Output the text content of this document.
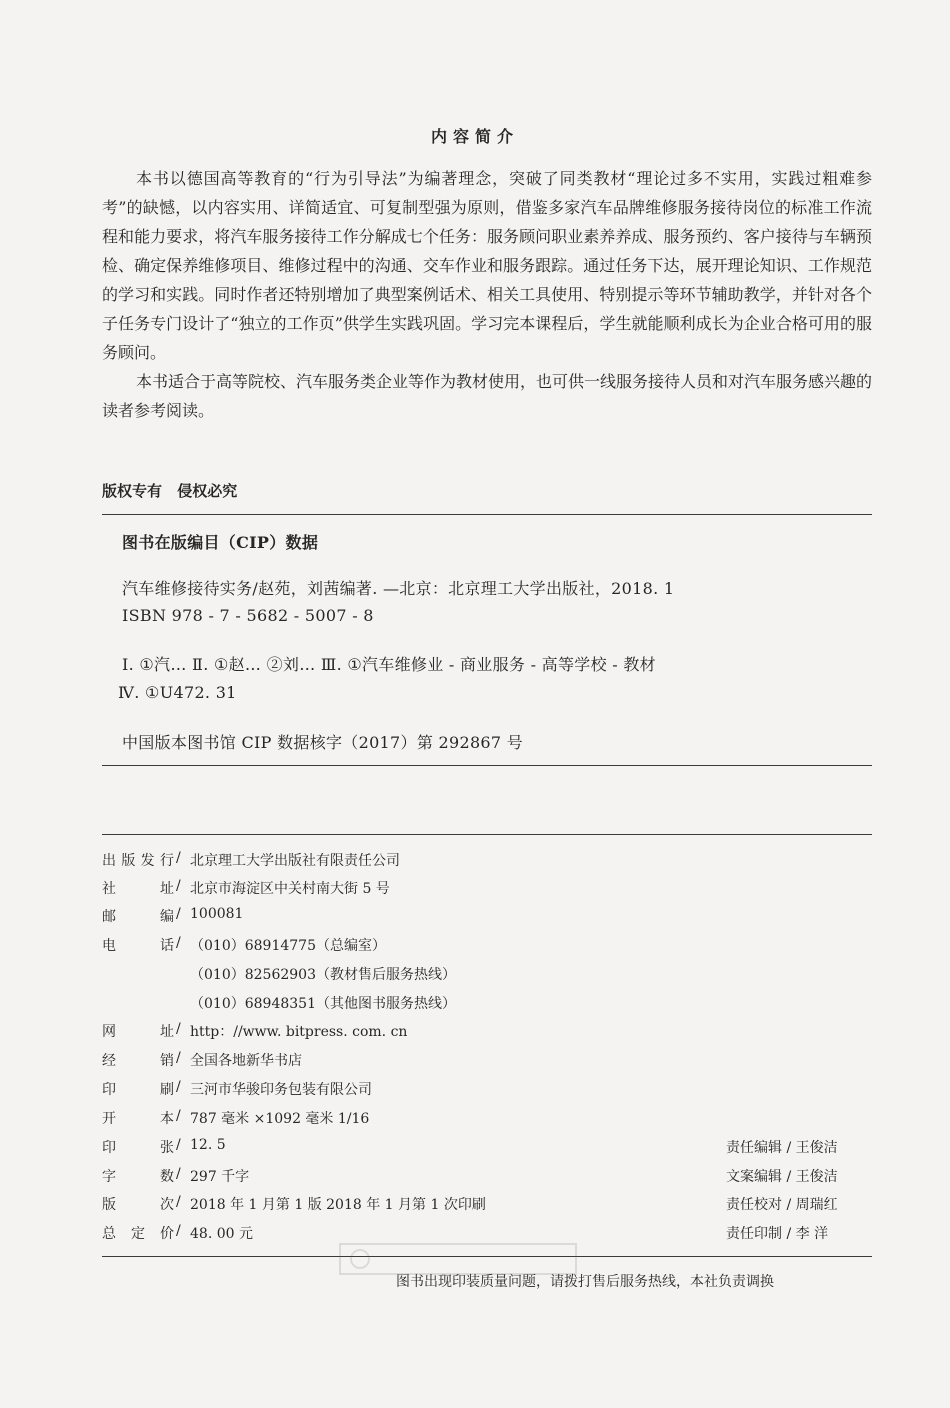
内容简介

本书以德国高等教育的“行为引导法”为编著理念，突破了同类教材“理论过多不实用，实践过粗难参考”的缺憾，以内容实用、详简适宜、可复制型强为原则，借鉴多家汽车品牌维修服务接待岗位的标准工作流程和能力要求，将汽车服务接待工作分解成七个任务：服务顾问职业素养养成、服务预约、客户接待与车辆预检、确定保养维修项目、维修过程中的沟通、交车作业和服务跟踪。通过任务下达，展开理论知识、工作规范的学习和实践。同时作者还特别增加了典型案例话术、相关工具使用、特别提示等环节辅助教学，并针对各个子任务专门设计了“独立的工作页”供学生实践巩固。学习完本课程后，学生就能顺利成长为企业合格可用的服务顾问。

本书适合于高等院校、汽车服务类企业等作为教材使用，也可供一线服务接待人员和对汽车服务感兴趣的读者参考阅读。

版权专有 侵权必究
图书在版编目（CIP）数据
汽车维修接待实务/赵苑，刘茜编著. —北京：北京理工大学出版社，2018. 1
ISBN 978 - 7 - 5682 - 5007 - 8
Ⅰ. ①汽… Ⅱ. ①赵… ②刘… Ⅲ. ①汽车维修业 - 商业服务 - 高等学校 - 教材
Ⅳ. ①U472. 31
中国版本图书馆 CIP 数据核字（2017）第 292867 号
出 版 发 行 / 北京理工大学出版社有限责任公司
社	址 / 北京市海淀区中关村南大街 5 号
邮	编 / 100081
电	话 / （010）68914775（总编室）
（010）82562903（教材售后服务热线）
（010）68948351（其他图书服务热线）
网	址 / http：//www. bitpress. com. cn
经	销 / 全国各地新华书店
印	刷 / 三河市华骏印务包装有限公司
开	本 / 787 毫米 ×1092 毫米 1/16
印	张 / 12. 5
字	数 / 297 千字
版	次 / 2018 年 1 月第 1 版 2018 年 1 月第 1 次印刷
总 定 价 / 48. 00 元
责任编辑 / 王俊洁
文案编辑 / 王俊洁
责任校对 / 周瑞红
责任印制 / 李 洋
图书出现印装质量问题，请拨打售后服务热线，本社负责调换
